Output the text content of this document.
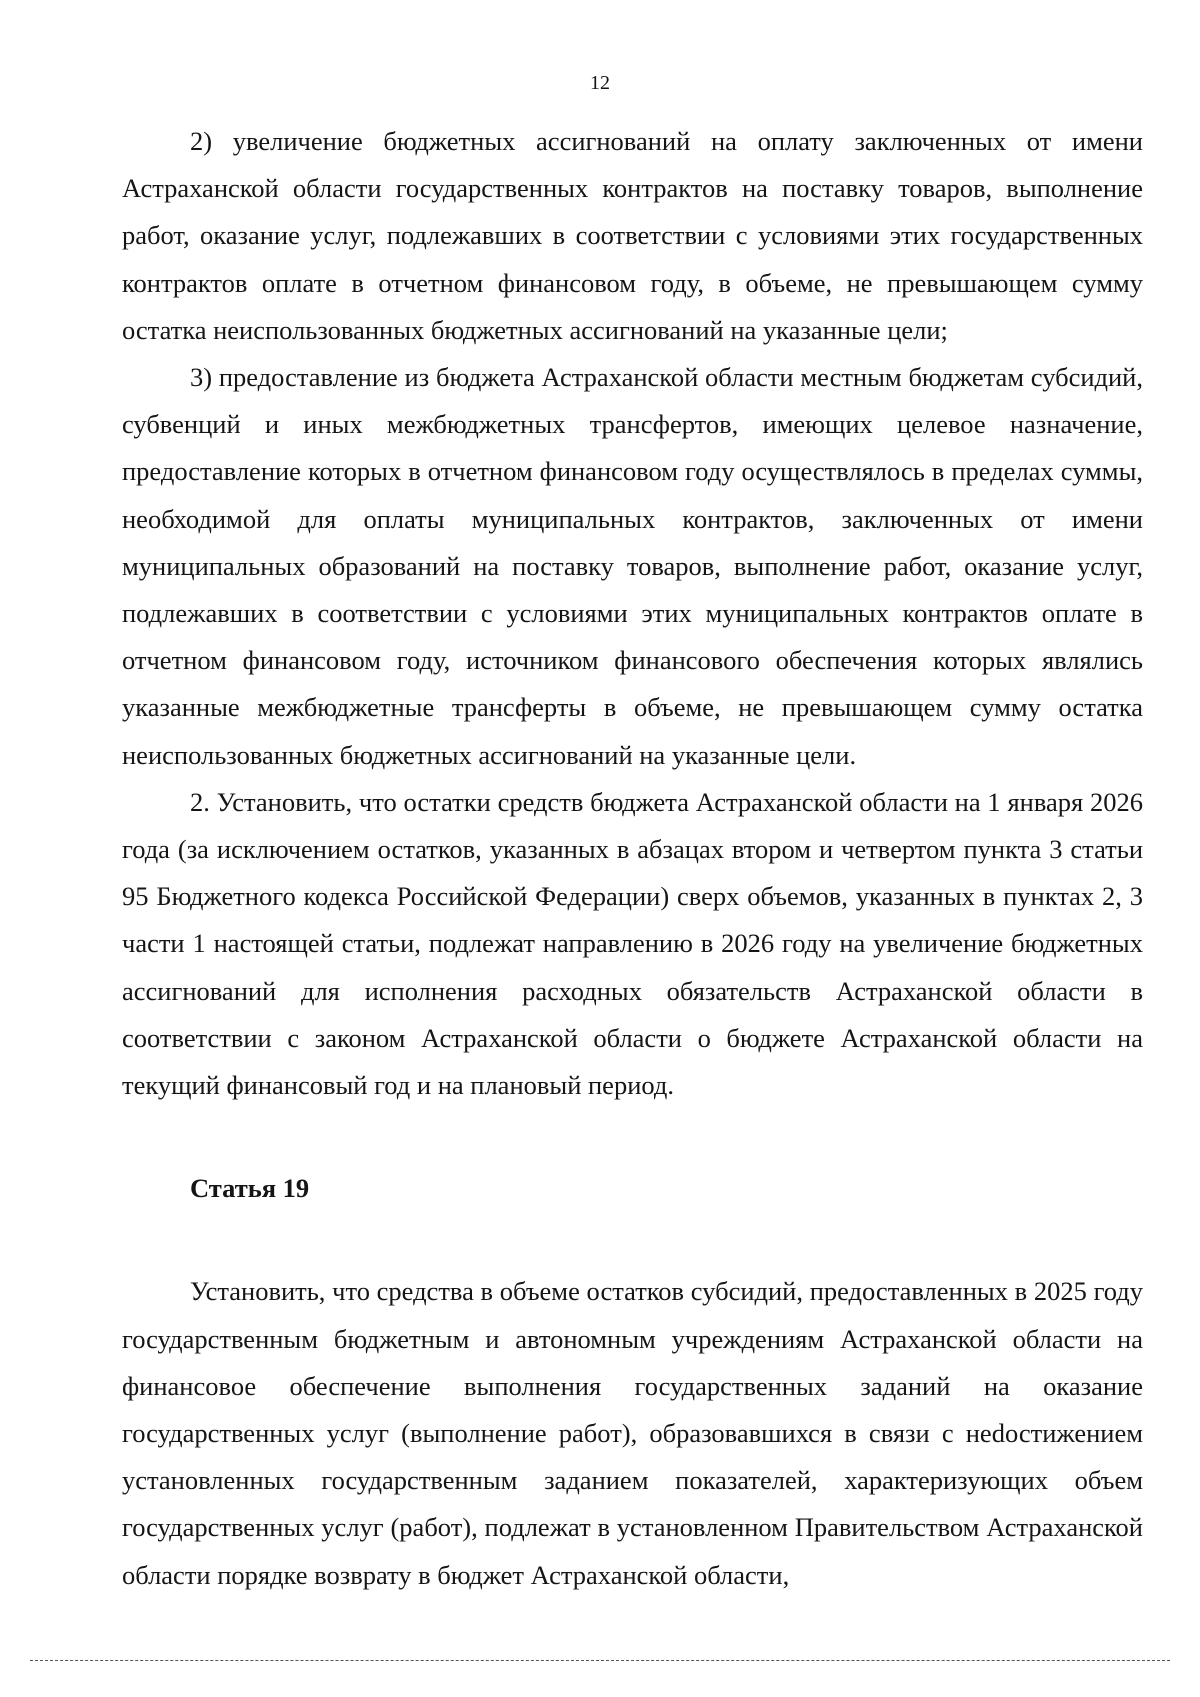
12

2) увеличение бюджетных ассигнований на оплату заключенных от имени Астраханской области государственных контрактов на поставку товаров, выполнение работ, оказание услуг, подлежавших в соответствии с условиями этих государственных контрактов оплате в отчетном финансовом году, в объеме, не превышающем сумму остатка неиспользованных бюджетных ассигнований на указанные цели;

3) предоставление из бюджета Астраханской области местным бюджетам субсидий, субвенций и иных межбюджетных трансфертов, имеющих целевое назначение, предоставление которых в отчетном финансовом году осуществлялось в пределах суммы, необходимой для оплаты муниципальных контрактов, заключенных от имени муниципальных образований на поставку товаров, выполнение работ, оказание услуг, подлежавших в соответствии с условиями этих муниципальных контрактов оплате в отчетном финансовом году, источником финансового обеспечения которых являлись указанные межбюджетные трансферты в объеме, не превышающем сумму остатка неиспользованных бюджетных ассигнований на указанные цели.

2. Установить, что остатки средств бюджета Астраханской области на 1 января 2026 года (за исключением остатков, указанных в абзацах втором и четвертом пункта 3 статьи 95 Бюджетного кодекса Российской Федерации) сверх объемов, указанных в пунктах 2, 3 части 1 настоящей статьи, подлежат направлению в 2026 году на увеличение бюджетных ассигнований для исполнения расходных обязательств Астраханской области в соответствии с законом Астраханской области о бюджете Астраханской области на текущий финансовый год и на плановый период.

Статья 19

Установить, что средства в объеме остатков субсидий, предоставленных в 2025 году государственным бюджетным и автономным учреждениям Астраханской области на финансовое обеспечение выполнения государственных заданий на оказание государственных услуг (выполнение работ), образовавшихся в связи с неdостижением установленных государственным заданием показателей, характеризующих объем государственных услуг (работ), подлежат в установленном Правительством Астраханской области порядке возврату в бюджет Астраханской области,
